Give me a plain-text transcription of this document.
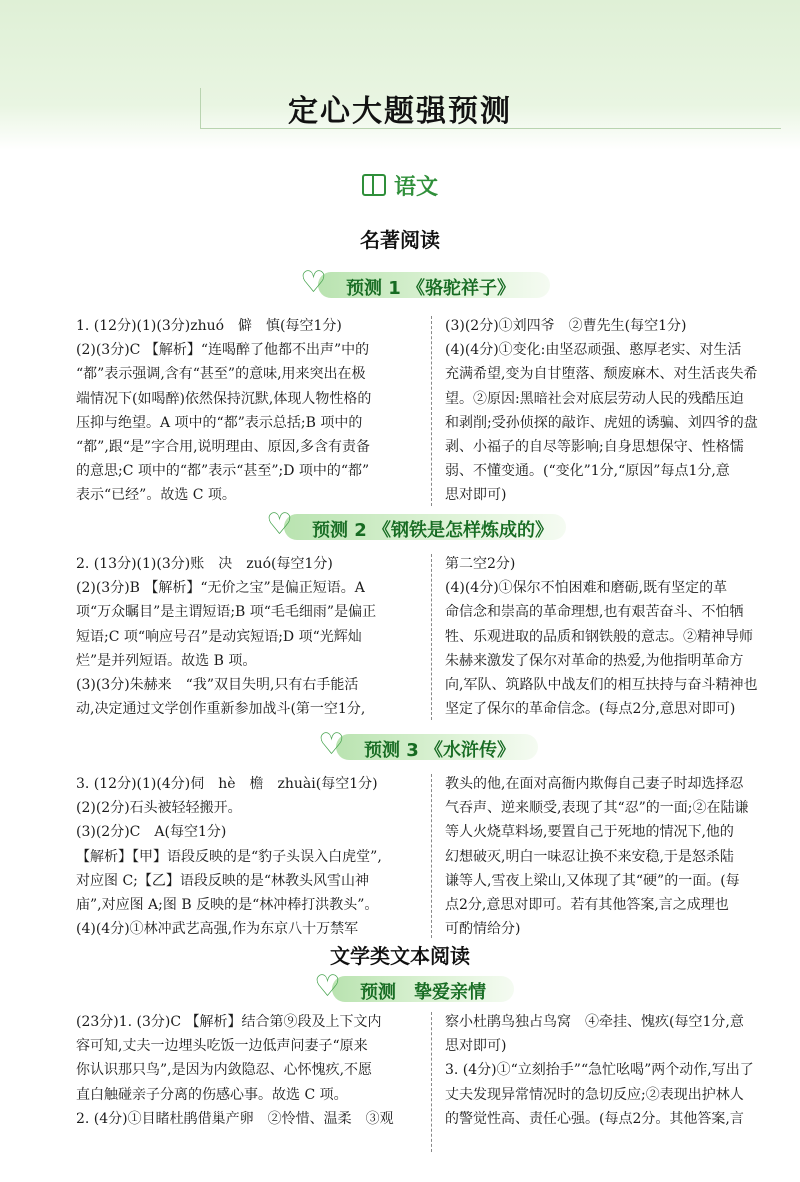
定心大题强预测
语文
名著阅读
♡ 预测 1 《骆驼祥子》

1. (12分)(1)(3分)zhuó　僻　慎(每空1分)

(2)(3分)C 【解析】“连喝醉了他都不出声”中的

“都”表示强调,含有“甚至”的意味,用来突出在极

端情况下(如喝醉)依然保持沉默,体现人物性格的

压抑与绝望。A 项中的“都”表示总括;B 项中的

“都”,跟“是”字合用,说明理由、原因,多含有责备

的意思;C 项中的“都”表示“甚至”;D 项中的“都”

表示“已经”。故选 C 项。

(3)(2分)①刘四爷　②曹先生(每空1分)

(4)(4分)①变化:由坚忍顽强、憨厚老实、对生活

充满希望,变为自甘堕落、颓废麻木、对生活丧失希

望。②原因:黑暗社会对底层劳动人民的残酷压迫

和剥削;受孙侦探的敲诈、虎妞的诱骗、刘四爷的盘

剥、小福子的自尽等影响;自身思想保守、性格懦

弱、不懂变通。(“变化”1分,“原因”每点1分,意

思对即可)

♡ 预测 2 《钢铁是怎样炼成的》

2. (13分)(1)(3分)账　决　zuó(每空1分)

(2)(3分)B 【解析】“无价之宝”是偏正短语。A

项“万众瞩目”是主谓短语;B 项“毛毛细雨”是偏正

短语;C 项“响应号召”是动宾短语;D 项“光辉灿

烂”是并列短语。故选 B 项。

(3)(3分)朱赫来　“我”双目失明,只有右手能活

动,决定通过文学创作重新参加战斗(第一空1分,

第二空2分)

(4)(4分)①保尔不怕困难和磨砺,既有坚定的革

命信念和崇高的革命理想,也有艰苦奋斗、不怕牺

牲、乐观进取的品质和钢铁般的意志。②精神导师

朱赫来激发了保尔对革命的热爱,为他指明革命方

向,军队、筑路队中战友们的相互扶持与奋斗精神也

坚定了保尔的革命信念。(每点2分,意思对即可)

♡ 预测 3 《水浒传》

3. (12分)(1)(4分)伺　hè　檐　zhuài(每空1分)

(2)(2分)石头被轻轻搬开。

(3)(2分)C　A(每空1分)

【解析】【甲】语段反映的是“豹子头误入白虎堂”,

对应图 C;【乙】语段反映的是“林教头风雪山神

庙”,对应图 A;图 B 反映的是“林冲棒打洪教头”。

(4)(4分)①林冲武艺高强,作为东京八十万禁军

教头的他,在面对高衙内欺侮自己妻子时却选择忍

气吞声、逆来顺受,表现了其“忍”的一面;②在陆谦

等人火烧草料场,要置自己于死地的情况下,他的

幻想破灭,明白一味忍让换不来安稳,于是怒杀陆

谦等人,雪夜上梁山,又体现了其“硬”的一面。(每

点2分,意思对即可。若有其他答案,言之成理也

可酌情给分)

文学类文本阅读
♡ 预测　挚爱亲情

(23分)1. (3分)C 【解析】结合第⑨段及上下文内

容可知,丈夫一边埋头吃饭一边低声问妻子“原来

你认识那只鸟”,是因为内敛隐忍、心怀愧疚,不愿

直白触碰亲子分离的伤感心事。故选 C 项。

2. (4分)①目睹杜鹃借巢产卵　②怜惜、温柔　③观

察小杜鹃鸟独占鸟窝　④牵挂、愧疚(每空1分,意

思对即可)

3. (4分)①“立刻抬手”“急忙吆喝”两个动作,写出了

丈夫发现异常情况时的急切反应;②表现出护林人

的警觉性高、责任心强。(每点2分。其他答案,言
